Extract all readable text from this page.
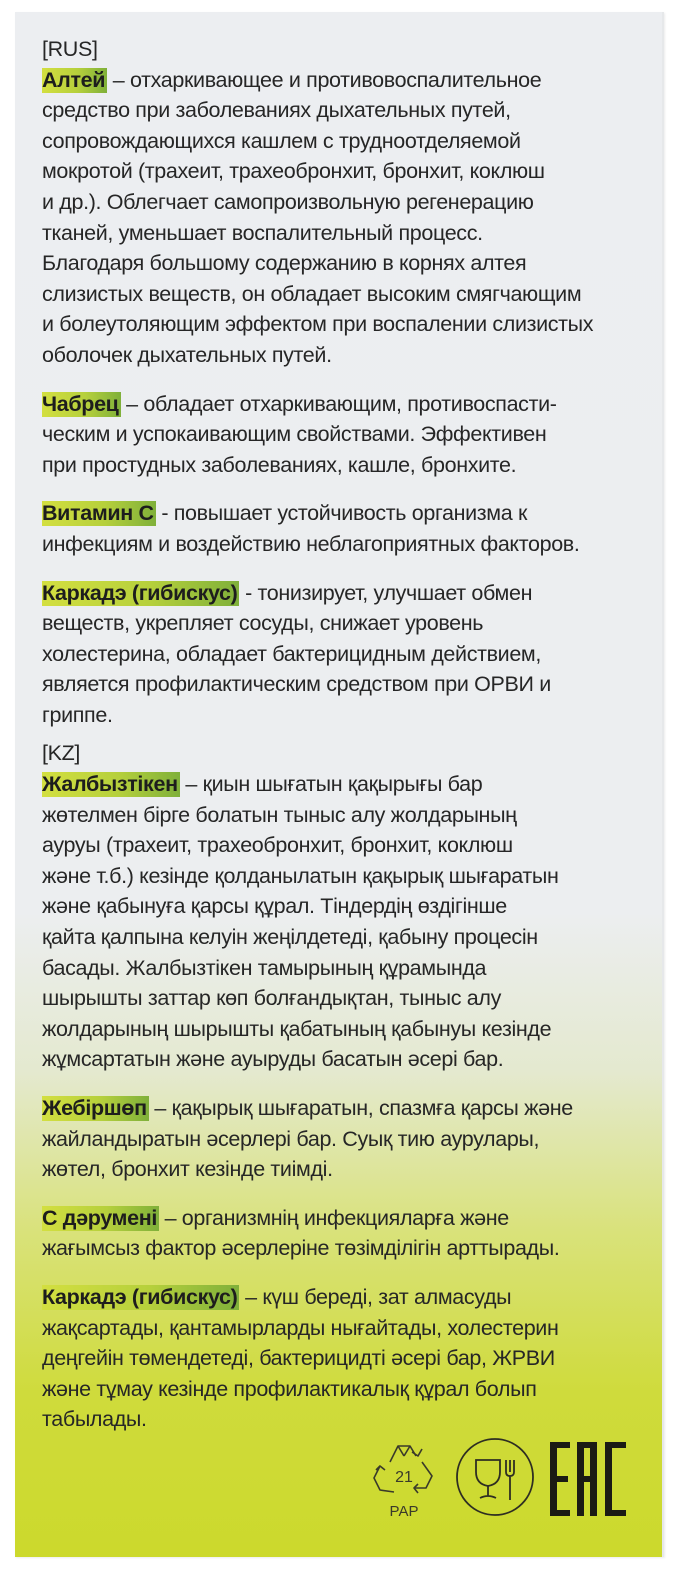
[RUS]
Алтей – отхаркивающее и противовоспалительное
средство при заболеваниях дыхательных путей,
сопровождающихся кашлем с трудноотделяемой
мокротой (трахеит, трахеобронхит, бронхит, коклюш
и др.). Облегчает самопроизвольную регенерацию
тканей, уменьшает воспалительный процесс.
Благодаря большому содержанию в корнях алтея
слизистых веществ, он обладает высоким смягчающим
и болеутоляющим эффектом при воспалении слизистых
оболочек дыхательных путей.
Чабрец – обладает отхаркивающим, противоспасти-
ческим и успокаивающим свойствами. Эффективен
при простудных заболеваниях, кашле, бронхите.
Витамин С - повышает устойчивость организма к
инфекциям и воздействию неблагоприятных факторов.
Каркадэ (гибискус) - тонизирует, улучшает обмен
веществ, укрепляет сосуды, снижает уровень
холестерина, обладает бактерицидным действием,
является профилактическим средством при ОРВИ и
гриппе.
[KZ]
Жалбызтікен – қиын шығатын қақырығы бар
жөтелмен бірге болатын тыныс алу жолдарының
ауруы (трахеит, трахеобронхит, бронхит, коклюш
және т.б.) кезінде қолданылатын қақырық шығаратын
және қабынуға қарсы құрал. Тіндердің өздігінше
қайта қалпына келуін жеңілдетеді, қабыну процесін
басады. Жалбызтікен тамырының құрамында
шырышты заттар көп болғандықтан, тыныс алу
жолдарының шырышты қабатының қабынуы кезінде
жұмсартатын және ауыруды басатын әсері бар.
Жебіршөп – қақырық шығаратын, спазмға қарсы және
жайландыратын әсерлері бар. Суық тию аурулары,
жөтел, бронхит кезінде тиімді.
С дәрумені – организмнің инфекцияларға және
жағымсыз фактор әсерлеріне төзімділігін арттырады.
Каркадэ (гибискус) – күш береді, зат алмасуды
жақсартады, қантамырларды нығайтады, холестерин
деңгейін төмендетеді, бактерицидті әсері бар, ЖРВИ
және тұмау кезінде профилактикалық құрал болып
табылады.
21
PAP
